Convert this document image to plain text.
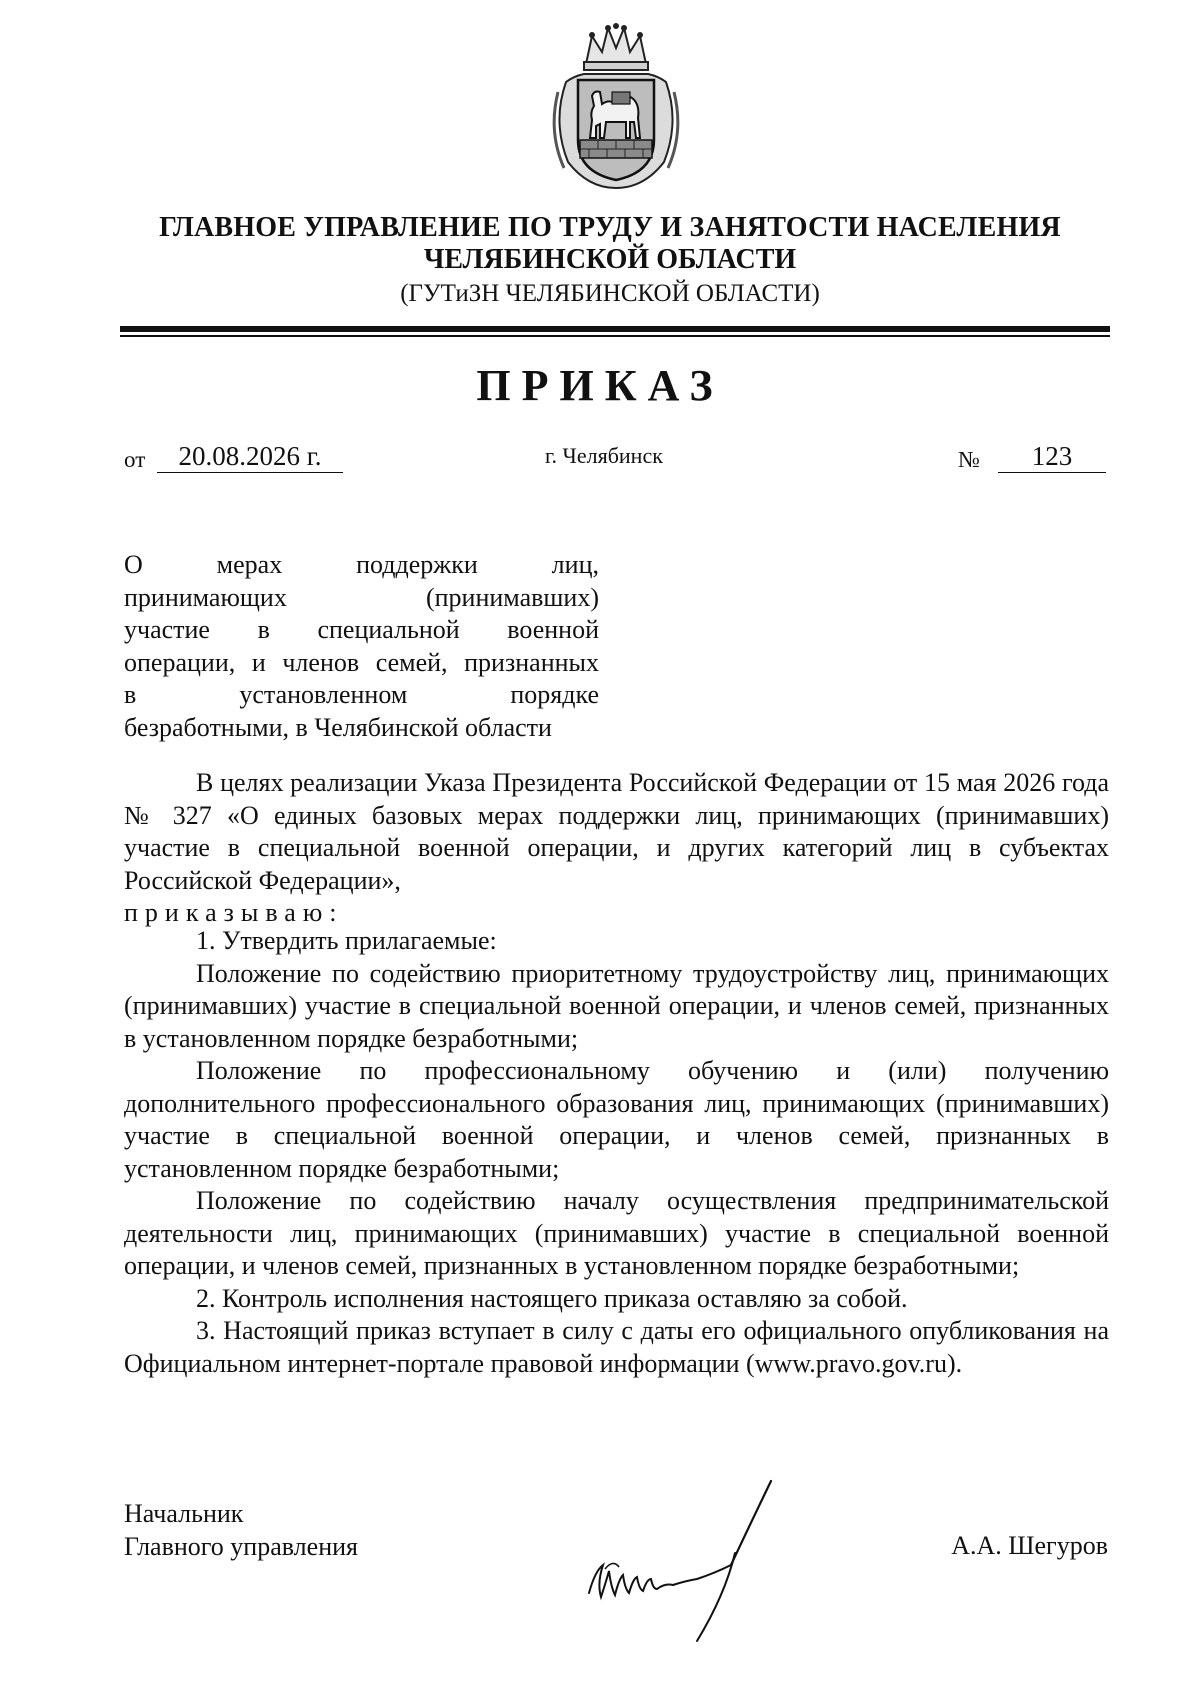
ГЛАВНОЕ УПРАВЛЕНИЕ ПО ТРУДУ И ЗАНЯТОСТИ НАСЕЛЕНИЯ
ЧЕЛЯБИНСКОЙ ОБЛАСТИ
(ГУТиЗН ЧЕЛЯБИНСКОЙ ОБЛАСТИ)
ПРИКАЗ
от	20.08.2026 г.	г. Челябинск	№	123
О мерах поддержки лиц,
принимающих (принимавших)
участие в специальной военной
операции, и членов семей, признанных
в установленном порядке
безработными, в Челябинской области

В целях реализации Указа Президента Российской Федерации от 15 мая 2026 года № 327 «О единых базовых мерах поддержки лиц, принимающих (принимавших) участие в специальной военной операции, и других категорий лиц в субъектах Российской Федерации»,

приказываю:

1. Утвердить прилагаемые:

Положение по содействию приоритетному трудоустройству лиц, принимающих (принимавших) участие в специальной военной операции, и членов семей, признанных в установленном порядке безработными;

Положение по профессиональному обучению и (или) получению дополнительного профессионального образования лиц, принимающих (принимавших) участие в специальной военной операции, и членов семей, признанных в установленном порядке безработными;

Положение по содействию началу осуществления предпринимательской деятельности лиц, принимающих (принимавших) участие в специальной военной операции, и членов семей, признанных в установленном порядке безработными;

2. Контроль исполнения настоящего приказа оставляю за собой.

3. Настоящий приказ вступает в силу с даты его официального опубликования на Официальном интернет-портале правовой информации (www.pravo.gov.ru).

Начальник
Главного управления	А.А. Шегуров
